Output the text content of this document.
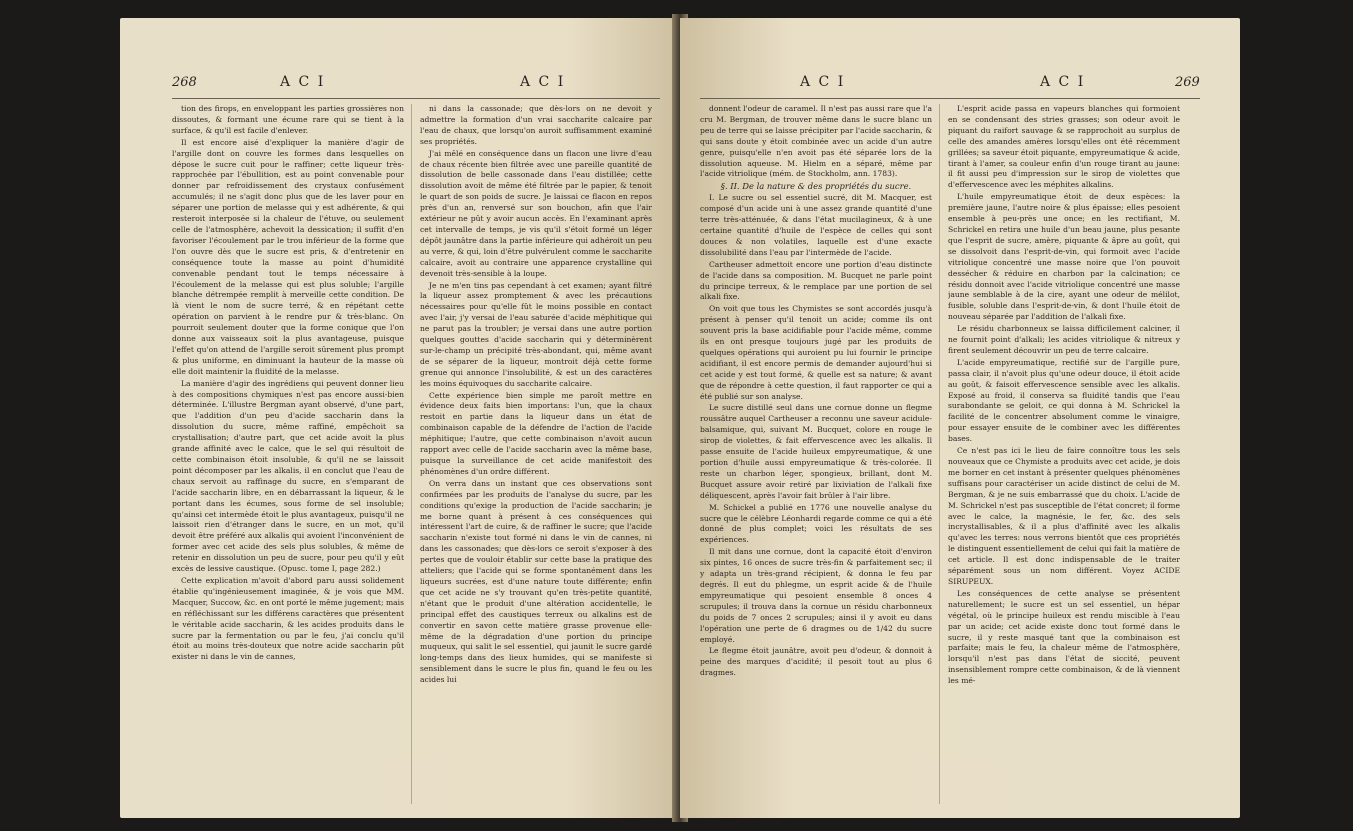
268	A C I	A C I

tion des firops, en enveloppant les parties grossières non dissoutes, & formant une écume rare qui se tient à la surface, & qu'il est facile d'enlever.

Il est encore aisé d'expliquer la manière d'agir de l'argille dont on couvre les formes dans lesquelles on dépose le sucre cuit pour le raffiner; cette liqueur très-rapprochée par l'ébullition, est au point convenable pour donner par refroidissement des crystaux confusément accumulés; il ne s'agit donc plus que de les laver pour en séparer une portion de melasse qui y est adhérente, & qui resteroit interposée si la chaleur de l'étuve, ou seulement celle de l'atmosphère, achevoit la dessication; il suffit d'en favoriser l'écoulement par le trou inférieur de la forme que l'on ouvre dès que le sucre est pris, & d'entretenir en conséquence toute la masse au point d'humidité convenable pendant tout le temps nécessaire à l'écoulement de la melasse qui est plus soluble; l'argille blanche détrempée remplit à merveille cette condition. De là vient le nom de sucre terré, & en répétant cette opération on parvient à le rendre pur & très-blanc. On pourroit seulement douter que la forme conique que l'on donne aux vaisseaux soit la plus avantageuse, puisque l'effet qu'on attend de l'argille seroit sûrement plus prompt & plus uniforme, en diminuant la hauteur de la masse où elle doit maintenir la fluidité de la melasse.

La manière d'agir des ingrédiens qui peuvent donner lieu à des compositions chymiques n'est pas encore aussi-bien déterminée. L'illustre Bergman ayant observé, d'une part, que l'addition d'un peu d'acide saccharin dans la dissolution du sucre, même raffiné, empêchoit sa crystallisation; d'autre part, que cet acide avoit la plus grande affinité avec le calce, que le sel qui résultoit de cette combinaison étoit insoluble, & qu'il ne se laissoit point décomposer par les alkalis, il en conclut que l'eau de chaux servoit au raffinage du sucre, en s'emparant de l'acide saccharin libre, en en débarrassant la liqueur, & le portant dans les écumes, sous forme de sel insoluble; qu'ainsi cet intermède étoit le plus avantageux, puisqu'il ne laissoit rien d'étranger dans le sucre, en un mot, qu'il devoit être préféré aux alkalis qui avoient l'inconvénient de former avec cet acide des sels plus solubles, & même de retenir en dissolution un peu de sucre, pour peu qu'il y eût excès de lessive caustique. (Opusc. tome I, page 282.)

Cette explication m'avoit d'abord paru aussi solidement établie qu'ingénieusement imaginée, & je vois que MM. Macquer, Succow, &c. en ont porté le même jugement; mais en réfléchissant sur les différens caractères que présentent le véritable acide saccharin, & les acides produits dans le sucre par la fermentation ou par le feu, j'ai conclu qu'il étoit au moins très-douteux que notre acide saccharin pût exister ni dans le vin de cannes,

ni dans la cassonade; que dès-lors on ne devoit y admettre la formation d'un vrai saccharite calcaire par l'eau de chaux, que lorsqu'on auroit suffisamment examiné ses propriétés.

J'ai mêlé en conséquence dans un flacon une livre d'eau de chaux récente bien filtrée avec une pareille quantité de dissolution de belle cassonade dans l'eau distillée; cette dissolution avoit de même été filtrée par le papier, & tenoit le quart de son poids de sucre. Je laissai ce flacon en repos près d'un an, renversé sur son bouchon, afin que l'air extérieur ne pût y avoir aucun accès. En l'examinant après cet intervalle de temps, je vis qu'il s'étoit formé un léger dépôt jaunâtre dans la partie inférieure qui adhéroit un peu au verre, & qui, loin d'être pulvérulent comme le saccharite calcaire, avoit au contraire une apparence crystalline qui devenoit très-sensible à la loupe.

Je ne m'en tins pas cependant à cet examen; ayant filtré la liqueur assez promptement & avec les précautions nécessaires pour qu'elle fût le moins possible en contact avec l'air, j'y versai de l'eau saturée d'acide méphitique qui ne parut pas la troubler; je versai dans une autre portion quelques gouttes d'acide saccharin qui y déterminèrent sur-le-champ un précipité très-abondant, qui, même avant de se séparer de la liqueur, montroit déjà cette forme grenue qui annonce l'insolubilité, & est un des caractères les moins équivoques du saccharite calcaire.

Cette expérience bien simple me paroît mettre en évidence deux faits bien importans: l'un, que la chaux restoit en partie dans la liqueur dans un état de combinaison capable de la défendre de l'action de l'acide méphitique; l'autre, que cette combinaison n'avoit aucun rapport avec celle de l'acide saccharin avec la même base, puisque la surveillance de cet acide manifestoit des phénomènes d'un ordre différent.

On verra dans un instant que ces observations sont confirmées par les produits de l'analyse du sucre, par les conditions qu'exige la production de l'acide saccharin; je me borne quant à présent à ces conséquences qui intéressent l'art de cuire, & de raffiner le sucre; que l'acide saccharin n'existe tout formé ni dans le vin de cannes, ni dans les cassonades; que dès-lors ce seroit s'exposer à des pertes que de vouloir établir sur cette base la pratique des atteliers; que l'acide qui se forme spontanément dans les liqueurs sucrées, est d'une nature toute différente; enfin que cet acide ne s'y trouvant qu'en très-petite quantité, n'étant que le produit d'une altération accidentelle, le principal effet des caustiques terreux ou alkalins est de convertir en savon cette matière grasse provenue elle-même de la dégradation d'une portion du principe muqueux, qui salit le sel essentiel, qui jaunit le sucre gardé long-temps dans des lieux humides, qui se manifeste si sensiblement dans le sucre le plus fin, quand le feu ou les acides lui

A C I	A C I	269

donnent l'odeur de caramel. Il n'est pas aussi rare que l'a cru M. Bergman, de trouver même dans le sucre blanc un peu de terre qui se laisse précipiter par l'acide saccharin, & qui sans doute y étoit combinée avec un acide d'un autre genre, puisqu'elle n'en avoit pas été séparée lors de la dissolution aqueuse. M. Hielm en a séparé, même par l'acide vitriolique (mém. de Stockholm, ann. 1783).

§. II. De la nature & des propriétés du sucre.

I. Le sucre ou sel essentiel sucré, dit M. Macquer, est composé d'un acide uni à une assez grande quantité d'une terre très-atténuée, & dans l'état mucilagineux, & à une certaine quantité d'huile de l'espèce de celles qui sont douces & non volatiles, laquelle est d'une exacte dissolubilité dans l'eau par l'intermède de l'acide.

Cartheuser admettoit encore une portion d'eau distincte de l'acide dans sa composition. M. Bucquet ne parle point du principe terreux, & le remplace par une portion de sel alkali fixe.

On voit que tous les Chymistes se sont accordés jusqu'à présent à penser qu'il tenoit un acide; comme ils ont souvent pris la base acidifiable pour l'acide même, comme ils en ont presque toujours jugé par les produits de quelques opérations qui auroient pu lui fournir le principe acidifiant, il est encore permis de demander aujourd'hui si cet acide y est tout formé, & quelle est sa nature; & avant que de répondre à cette question, il faut rapporter ce qui a été publié sur son analyse.

Le sucre distillé seul dans une cornue donne un flegme roussâtre auquel Cartheuser a reconnu une saveur acidule-balsamique, qui, suivant M. Bucquet, colore en rouge le sirop de violettes, & fait effervescence avec les alkalis. Il passe ensuite de l'acide huileux empyreumatique, & une portion d'huile aussi empyreumatique & très-colorée. Il reste un charbon léger, spongieux, brillant, dont M. Bucquet assure avoir retiré par lixiviation de l'alkali fixe déliquescent, après l'avoir fait brûler à l'air libre.

M. Schickel a publié en 1776 une nouvelle analyse du sucre que le célèbre Léonhardi regarde comme ce qui a été donné de plus complet; voici les résultats de ses expériences.

Il mit dans une cornue, dont la capacité étoit d'environ six pintes, 16 onces de sucre très-fin & parfaitement sec; il y adapta un très-grand récipient, & donna le feu par degrés. Il eut du phlegme, un esprit acide & de l'huile empyreumatique qui pesoient ensemble 8 onces 4 scrupules; il trouva dans la cornue un résidu charbonneux du poids de 7 onces 2 scrupules; ainsi il y avoit eu dans l'opération une perte de 6 dragmes ou de 1/42 du sucre employé.

Le flegme étoit jaunâtre, avoit peu d'odeur, & donnoit à peine des marques d'acidité; il pesoit tout au plus 6 dragmes.

L'esprit acide passa en vapeurs blanches qui formoient en se condensant des stries grasses; son odeur avoit le piquant du raifort sauvage & se rapprochoit au surplus de celle des amandes amères lorsqu'elles ont été récemment grillées; sa saveur étoit piquante, empyreumatique & acide, tirant à l'amer, sa couleur enfin d'un rouge tirant au jaune: il fit aussi peu d'impression sur le sirop de violettes que d'effervescence avec les méphites alkalins.

L'huile empyreumatique étoit de deux espèces: la première jaune, l'autre noire & plus épaisse; elles pesoient ensemble à peu-près une once; en les rectifiant, M. Schrickel en retira une huile d'un beau jaune, plus pesante que l'esprit de sucre, amère, piquante & âpre au goût, qui se dissolvoit dans l'esprit-de-vin, qui formoit avec l'acide vitriolique concentré une masse noire que l'on pouvoit dessécher & réduire en charbon par la calcination; ce résidu donnoit avec l'acide vitriolique concentré une masse jaune semblable à de la cire, ayant une odeur de mélilot, fusible, soluble dans l'esprit-de-vin, & dont l'huile étoit de nouveau séparée par l'addition de l'alkali fixe.

Le résidu charbonneux se laissa difficilement calciner, il ne fournit point d'alkali; les acides vitriolique & nitreux y firent seulement découvrir un peu de terre calcaire.

L'acide empyreumatique, rectifié sur de l'argille pure, passa clair, il n'avoit plus qu'une odeur douce, il étoit acide au goût, & faisoit effervescence sensible avec les alkalis. Exposé au froid, il conserva sa fluidité tandis que l'eau surabondante se geloit, ce qui donna à M. Schrickel la facilité de le concentrer absolument comme le vinaigre, pour essayer ensuite de le combiner avec les différentes bases.

Ce n'est pas ici le lieu de faire connoître tous les sels nouveaux que ce Chymiste a produits avec cet acide, je dois me borner en cet instant à présenter quelques phénomènes suffisans pour caractériser un acide distinct de celui de M. Bergman, & je ne suis embarrassé que du choix. L'acide de M. Schrickel n'est pas susceptible de l'état concret; il forme avec le calce, la magnésie, le fer, &c. des sels incrystallisables, & il a plus d'affinité avec les alkalis qu'avec les terres: nous verrons bientôt que ces propriétés le distinguent essentiellement de celui qui fait la matière de cet article. Il est donc indispensable de le traiter séparément sous un nom différent. Voyez ACIDE SIRUPEUX.

Les conséquences de cette analyse se présentent naturellement; le sucre est un sel essentiel, un hépar végétal, où le principe huileux est rendu miscible à l'eau par un acide; cet acide existe donc tout formé dans le sucre, il y reste masqué tant que la combinaison est parfaite; mais le feu, la chaleur même de l'atmosphère, lorsqu'il n'est pas dans l'état de siccité, peuvent insensiblement rompre cette combinaison, & de là viennent les mé-
